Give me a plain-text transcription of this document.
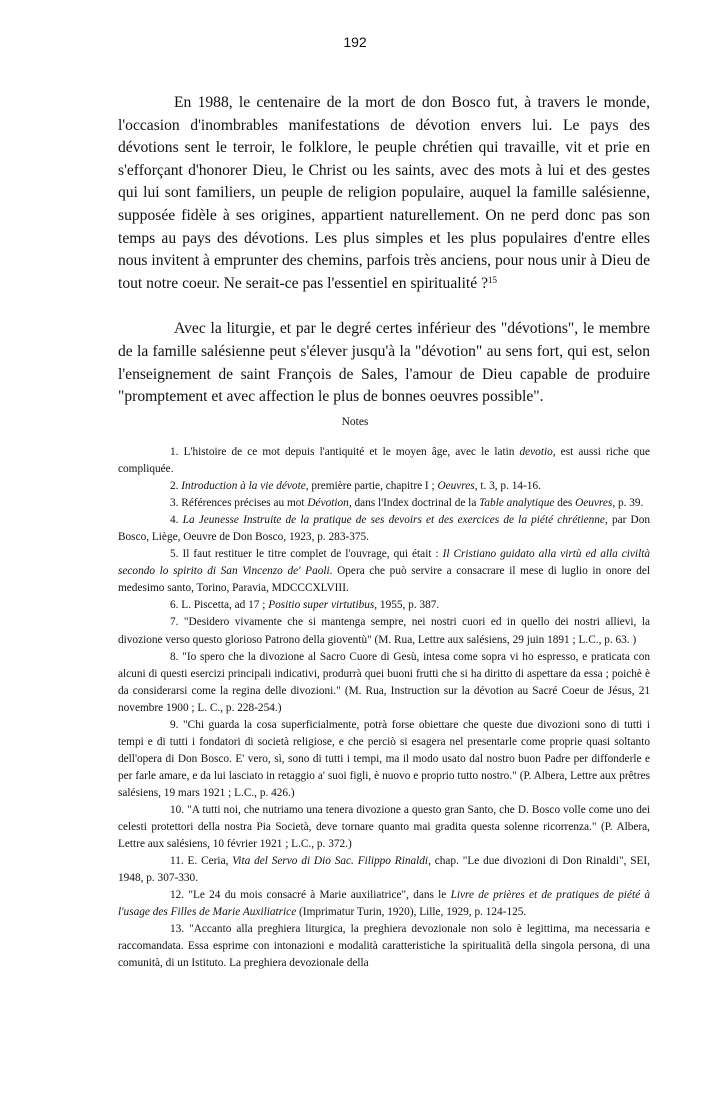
192

En 1988, le centenaire de la mort de don Bosco fut, à travers le monde, l'occasion d'inombrables manifestations de dévotion envers lui. Le pays des dévotions sent le terroir, le folklore, le peuple chrétien qui travaille, vit et prie en s'efforçant d'honorer Dieu, le Christ ou les saints, avec des mots à lui et des gestes qui lui sont familiers, un peuple de religion populaire, auquel la famille salésienne, supposée fidèle à ses origines, appartient naturellement. On ne perd donc pas son temps au pays des dévotions. Les plus simples et les plus populaires d'entre elles nous invitent à emprunter des chemins, parfois très anciens, pour nous unir à Dieu de tout notre coeur. Ne serait-ce pas l'essentiel en spiritualité ?$^{15}$

Avec la liturgie, et par le degré certes inférieur des "dévotions", le membre de la famille salésienne peut s'élever jusqu'à la "dévotion" au sens fort, qui est, selon l'enseignement de saint François de Sales, l'amour de Dieu capable de produire "promptement et avec affection le plus de bonnes oeuvres possible".

Notes

1. L'histoire de ce mot depuis l'antiquité et le moyen âge, avec le latin devotio, est aussi riche que compliquée.

2. Introduction à la vie dévote, première partie, chapitre I ; Oeuvres, t. 3, p. 14-16.

3. Références précises au mot Dévotion, dans l'Index doctrinal de la Table analytique des Oeuvres, p. 39.

4. La Jeunesse Instruite de la pratique de ses devoirs et des exercices de la piété chrétienne, par Don Bosco, Liège, Oeuvre de Don Bosco, 1923, p. 283-375.

5. Il faut restituer le titre complet de l'ouvrage, qui était : Il Cristiano guidato alla virtù ed alla civiltà secondo lo spirito di San Vincenzo de' Paoli. Opera che può servire a consacrare il mese di luglio in onore del medesimo santo, Torino, Paravia, MDCCCXLVIII.

6. L. Piscetta, ad 17 ; Positio super virtutibus, 1955, p. 387.

7. "Desidero vivamente che si mantenga sempre, nei nostri cuori ed in quello dei nostri allievi, la divozione verso questo glorioso Patrono della gioventù" (M. Rua, Lettre aux salésiens, 29 juin 1891 ; L.C., p. 63. )

8. "Io spero che la divozione al Sacro Cuore di Gesù, intesa come sopra vi ho espresso, e praticata con alcuni di questi esercizi principali indicativi, produrrà quei buoni frutti che si ha diritto di aspettare da essa ; poichè è da considerarsi come la regina delle divozioni." (M. Rua, Instruction sur la dévotion au Sacré Coeur de Jésus, 21 novembre 1900 ; L. C., p. 228-254.)

9. "Chi guarda la cosa superficialmente, potrà forse obiettare che queste due divozioni sono di tutti i tempi e di tutti i fondatori di società religiose, e che perciò si esagera nel presentarle come proprie quasi soltanto dell'opera di Don Bosco. E' vero, sì, sono di tutti i tempi, ma il modo usato dal nostro buon Padre per diffonderle e per farle amare, e da lui lasciato in retaggio a' suoi figli, è nuovo e proprio tutto nostro." (P. Albera, Lettre aux prêtres salésiens, 19 mars 1921 ; L.C., p. 426.)

10. "A tutti noi, che nutriamo una tenera divozione a questo gran Santo, che D. Bosco volle come uno dei celesti protettori della nostra Pia Società, deve tornare quanto mai gradita questa solenne ricorrenza." (P. Albera, Lettre aux salésiens, 10 février 1921 ; L.C., p. 372.)

11. E. Ceria, Vita del Servo di Dio Sac. Filippo Rinaldi, chap. "Le due divozioni di Don Rinaldi", SEI, 1948, p. 307-330.

12. "Le 24 du mois consacré à Marie auxiliatrice", dans le Livre de prières et de pratiques de piété à l'usage des Filles de Marie Auxiliatrice (Imprimatur Turin, 1920), Lille, 1929, p. 124-125.

13. "Accanto alla preghiera liturgica, la preghiera devozionale non solo è legittima, ma necessaria e raccomandata. Essa esprime con intonazioni e modalità caratteristiche la spiritualità della singola persona, di una comunità, di un Istituto. La preghiera devozionale della
